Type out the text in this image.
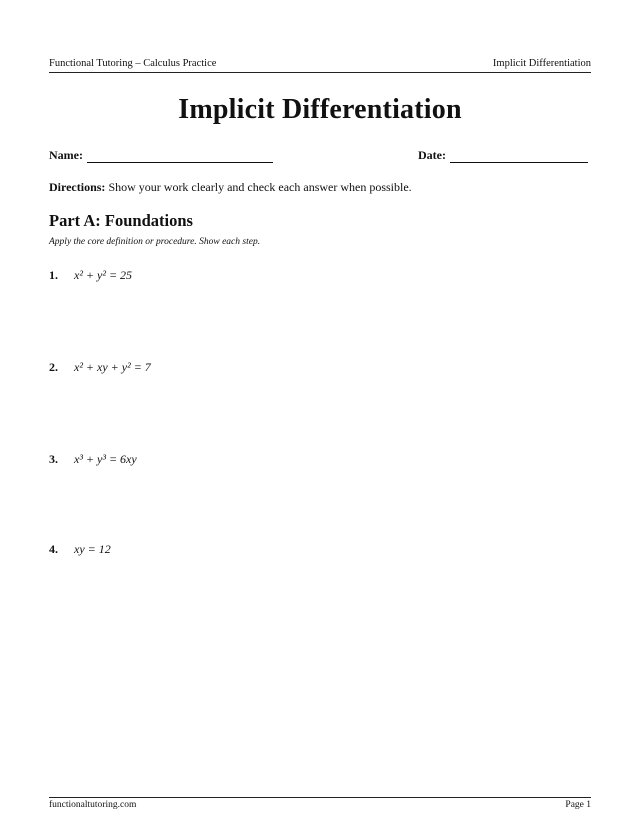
Functional Tutoring – Calculus Practice	Implicit Differentiation
Implicit Differentiation
Name:	Date:
Directions: Show your work clearly and check each answer when possible.
Part A: Foundations
Apply the core definition or procedure. Show each step.
1. x² + y² = 25
2. x² + xy + y² = 7
3. x³ + y³ = 6xy
4. xy = 12
functionaltutoring.com	Page 1
